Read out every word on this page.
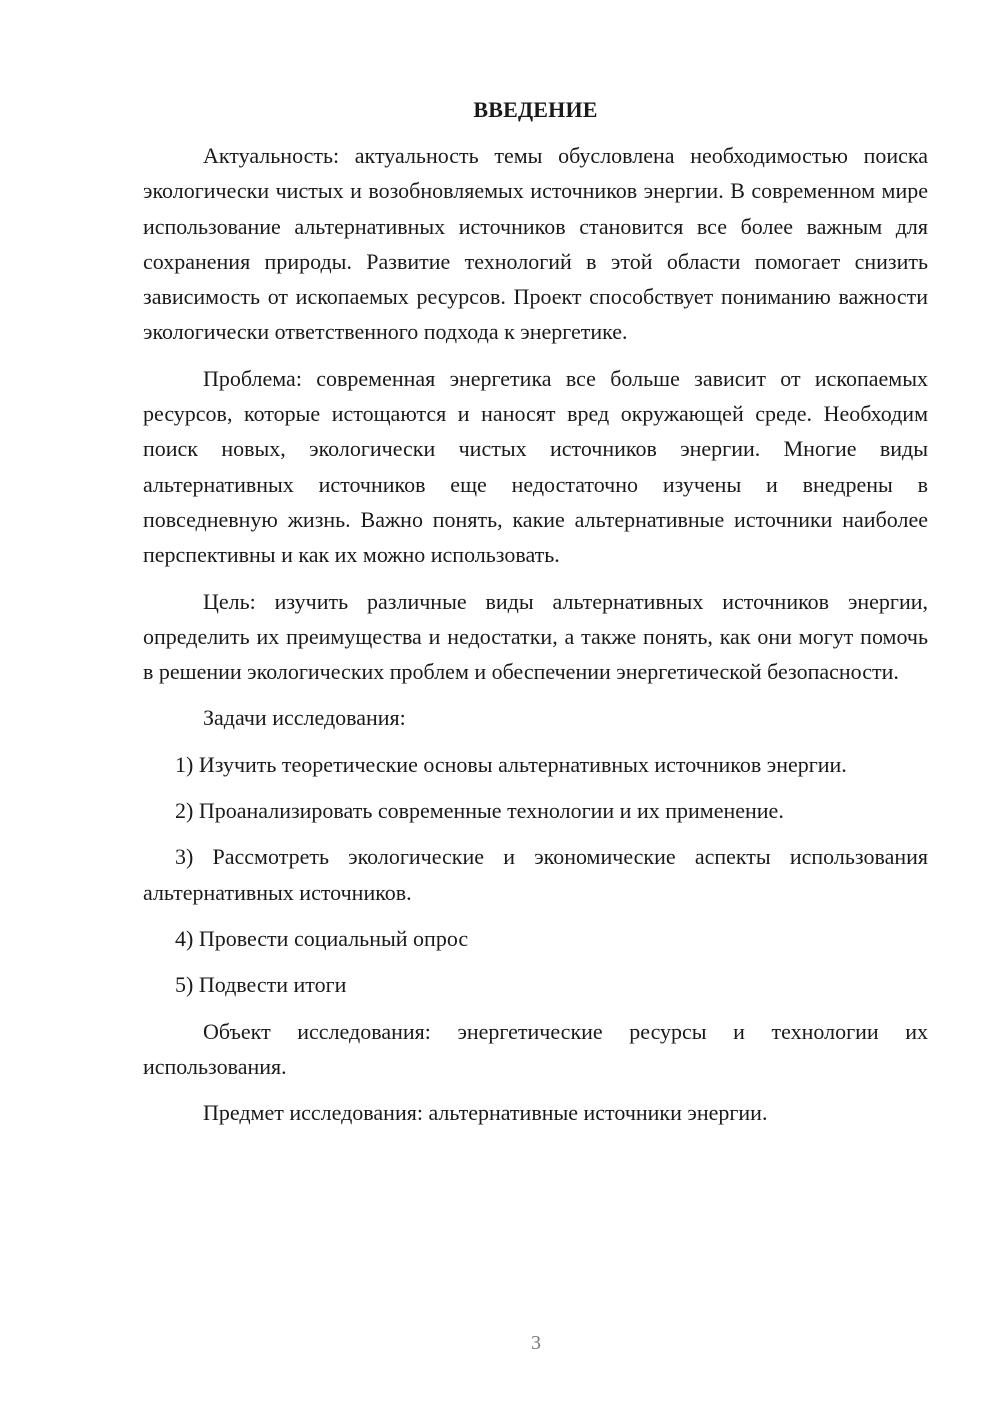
ВВЕДЕНИЕ

Актуальность: актуальность темы обусловлена необходимостью поиска экологически чистых и возобновляемых источников энергии. В современном мире использование альтернативных источников становится все более важным для сохранения природы. Развитие технологий в этой области помогает снизить зависимость от ископаемых ресурсов. Проект способствует пониманию важности экологически ответственного подхода к энергетике.

Проблема: современная энергетика все больше зависит от ископаемых ресурсов, которые истощаются и наносят вред окружающей среде. Необходим поиск новых, экологически чистых источников энергии. Многие виды альтернативных источников еще недостаточно изучены и внедрены в повседневную жизнь. Важно понять, какие альтернативные источники наиболее перспективны и как их можно использовать.

Цель: изучить различные виды альтернативных источников энергии, определить их преимущества и недостатки, а также понять, как они могут помочь в решении экологических проблем и обеспечении энергетической безопасности.

Задачи исследования:

1) Изучить теоретические основы альтернативных источников энергии.

2) Проанализировать современные технологии и их применение.

3) Рассмотреть экологические и экономические аспекты использования альтернативных источников.

4) Провести социальный опрос

5) Подвести итоги

Объект исследования: энергетические ресурсы и технологии их использования.

Предмет исследования: альтернативные источники энергии.

3
